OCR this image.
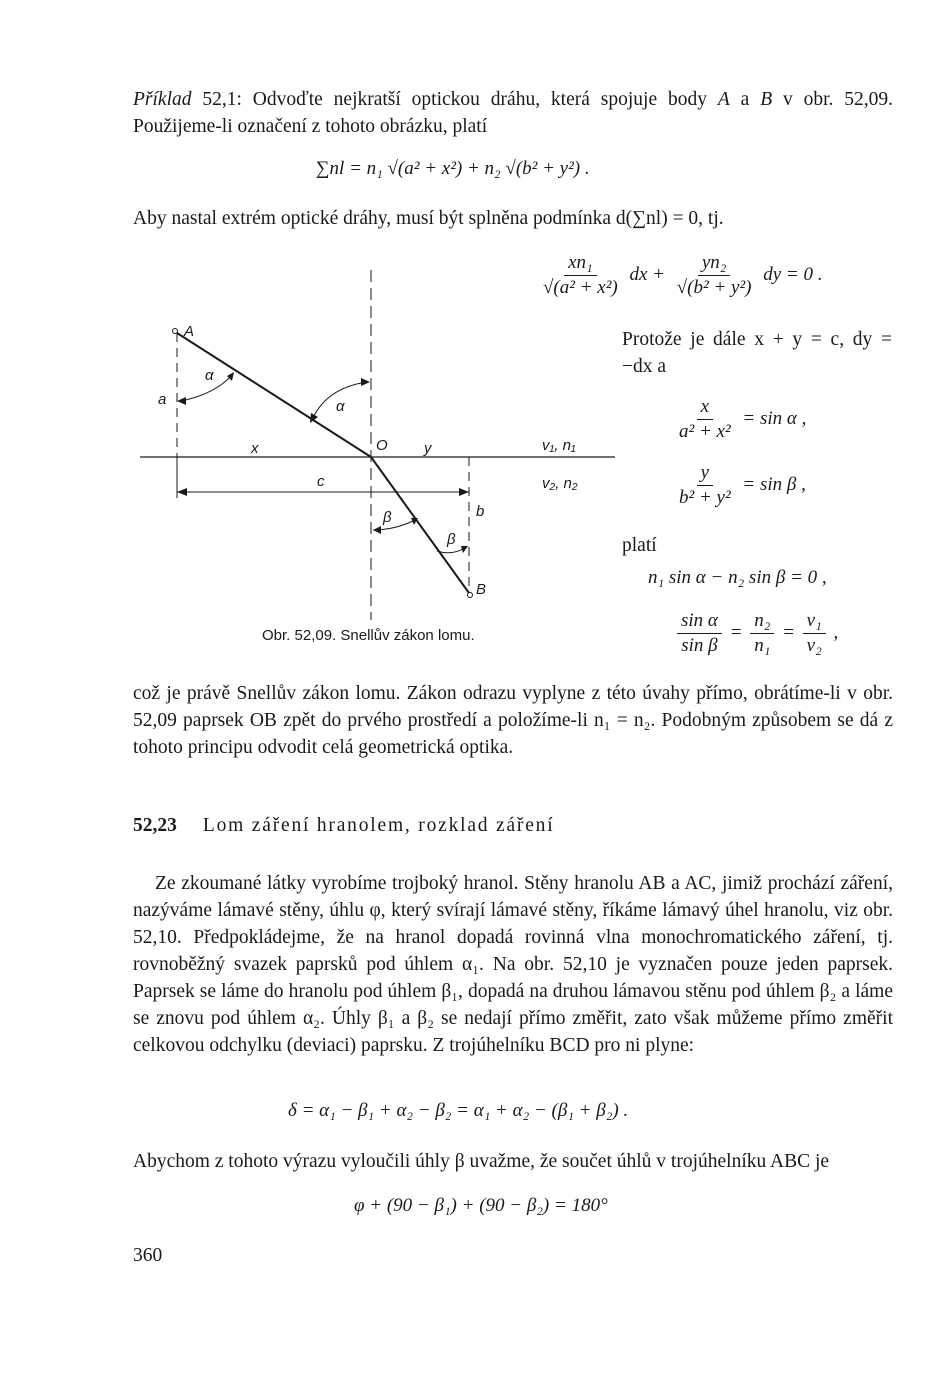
Příklad 52,1: Odvoďte nejkratší optickou dráhu, která spojuje body A a B v obr. 52,09. Použijeme-li označení z tohoto obrázku, platí

∑nl = n₁ √(a² + x²) + n₂ √(b² + y²) .

Aby nastal extrém optické dráhy, musí být splněna podmínka d(∑nl) = 0, tj.

$\frac{\text{xn₁}}{\text{√(a² + x²)}}$ dx + $\frac{\text{yn₂}}{\text{√(b² + y²)}}$ dy = 0 .

Protože je dále x + y = c, dy = −dx a

$\frac{x}{\text{a² + x²}} = \sin \alpha$ ,
$\frac{y}{\text{b² + y²}} = \sin \beta$ ,
platí
n₁ sin α − n₂ sin β = 0 ,
$\frac{\text{sin α}}{\text{sin β}} = \frac{\text{n₂}}{\text{n₁}} = \frac{\text{v₁}}{\text{v₂}}$ ,
A
B
a
b
α
α
β
β
x	y
c
O	v₁, n₁
v₂, n₂
Obr. 52,09. Snellův zákon lomu.

což je právě Snellův zákon lomu. Zákon odrazu vyplyne z této úvahy přímo, obrátíme-li v obr. 52,09 paprsek OB zpět do prvého prostředí a položíme-li n₁ = n₂. Podobným způsobem se dá z tohoto principu odvodit celá geometrická optika.

52,23 Lom záření hranolem, rozklad záření

Ze zkoumané látky vyrobíme trojboký hranol. Stěny hranolu AB a AC, jimiž prochází záření, nazýváme lámavé stěny, úhlu φ, který svírají lámavé stěny, říkáme lámavý úhel hranolu, viz obr. 52,10. Předpokládejme, že na hranol dopadá rovinná vlna monochromatického záření, tj. rovnoběžný svazek paprsků pod úhlem α₁. Na obr. 52,10 je vyznačen pouze jeden paprsek. Paprsek se láme do hranolu pod úhlem β₁, dopadá na druhou lámavou stěnu pod úhlem β₂ a láme se znovu pod úhlem α₂. Úhly β₁ a β₂ se nedají přímo změřit, zato však můžeme přímo změřit celkovou odchylku (deviaci) paprsku. Z trojúhelníku BCD pro ni plyne:

δ = α₁ − β₁ + α₂ − β₂ = α₁ + α₂ − (β₁ + β₂) .

Abychom z tohoto výrazu vyloučili úhly β uvažme, že součet úhlů v trojúhelníku ABC je

φ + (90 − β₁) + (90 − β₂) = 180°
360
